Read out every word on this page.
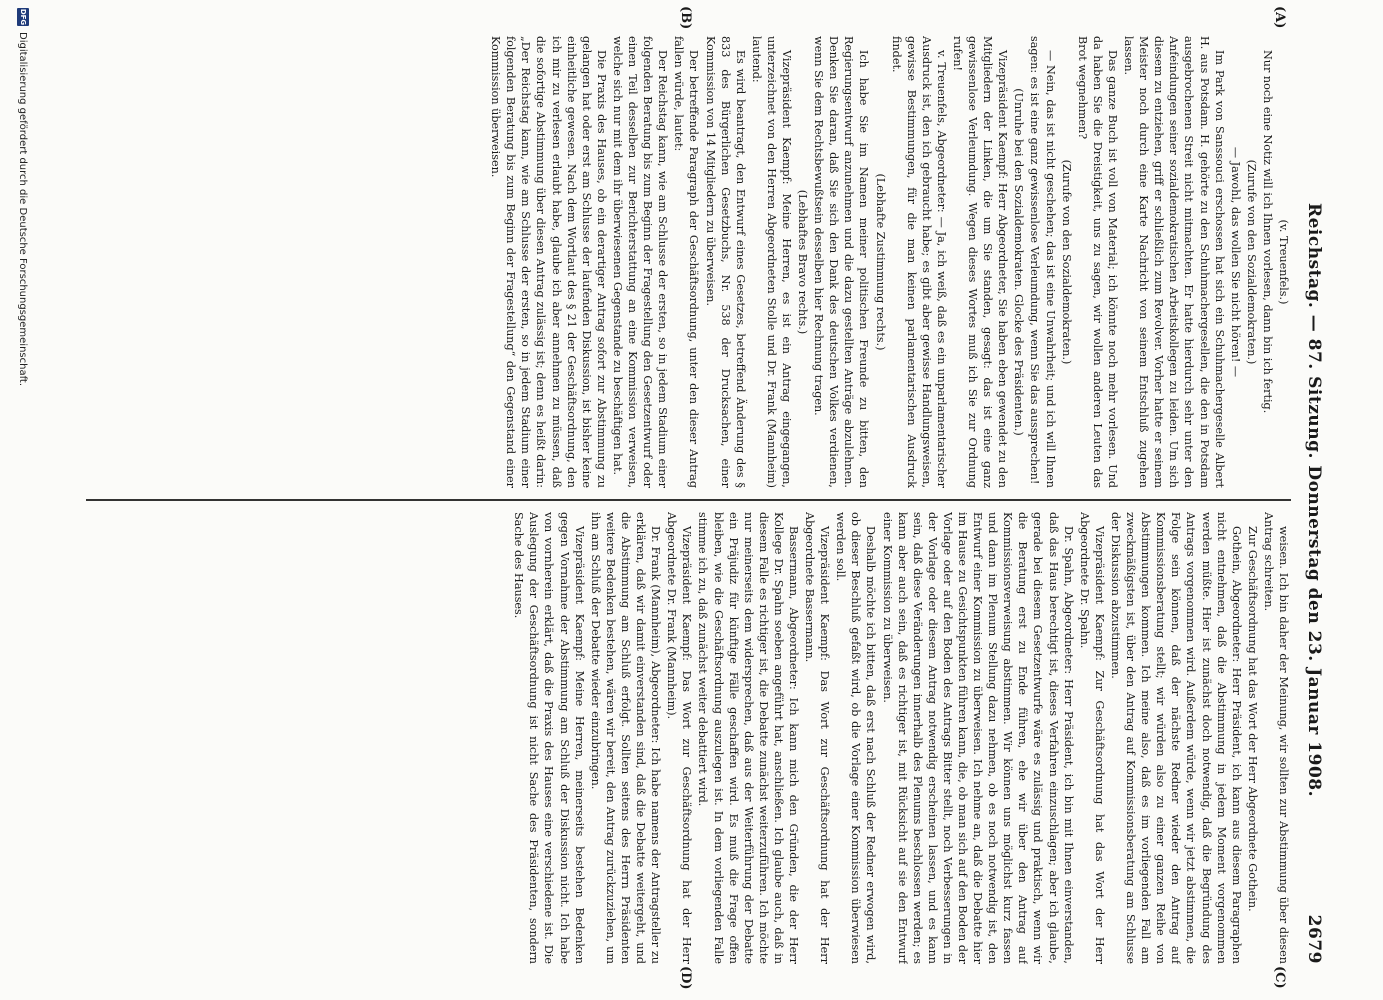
Reichstag. — 87. Sitzung. Donnerstag den 23. Januar 1908.
2679
(A)
(B)
(C)
(D)

(v. Treuenfels.)

Nur noch eine Notiz will ich Ihnen vorlesen, dann bin ich fertig.

(Zurufe von den Sozialdemokraten.)

— Jawohl, das wollen Sie nicht hören! —

Im Park von Sanssouci erschossen hat sich ein Schuhmachergeselle Albert H. aus Potsdam. H. gehörte zu den Schuhmachergesellen, die den in Potsdam ausgebrochenen Streit nicht mitmachten. Er hatte hierdurch sehr unter den Anfeindungen seiner sozialdemokratischen Arbeitskollegen zu leiden. Um sich diesem zu entziehen, griff er schließlich zum Revolver. Vorher hatte er seinem Meister noch durch eine Karte Nachricht von seinem Entschluß zugehen lassen.

Das ganze Buch ist voll von Material; ich könnte noch mehr vorlesen. Und da haben Sie die Dreistigkeit, uns zu sagen, wir wollen anderen Leuten das Brot wegnehmen?

(Zurufe von den Sozialdemokraten.)

— Nein, das ist nicht geschehen; das ist eine Unwahrheit; und ich will Ihnen sagen: es ist eine ganz gewissenlose Verleumdung, wenn Sie das aussprechen!

(Unruhe bei den Sozialdemokraten. Glocke des Präsidenten.)

Vizepräsident Kaempf: Herr Abgeordneter, Sie haben eben gewendet zu den Mitgliedern der Linken, die um Sie standen, gesagt: das ist eine ganz gewissenlose Verleumdung. Wegen dieses Wortes muß ich Sie zur Ordnung rufen!

v. Treuenfels, Abgeordneter: — Ja, ich weiß, daß es ein unparlamentarischer Ausdruck ist, den ich gebraucht habe; es gibt aber gewisse Handlungsweisen, gewisse Bestimmungen, für die man keinen parlamentarischen Ausdruck findet.

(Lebhafte Zustimmung rechts.)

Ich habe Sie im Namen meiner politischen Freunde zu bitten, den Regierungsentwurf anzunehmen und die dazu gestellten Anträge abzulehnen. Denken Sie daran, daß Sie sich den Dank des deutschen Volkes verdienen, wenn Sie dem Rechtsbewußtsein desselben hier Rechnung tragen.

(Lebhaftes Bravo rechts.)

Vizepräsident Kaempf: Meine Herren, es ist ein Antrag eingegangen, unterzeichnet von den Herren Abgeordneten Stolle und Dr. Frank (Mannheim) lautend:

Es wird beantragt, den Entwurf eines Gesetzes, betreffend Änderung des § 833 des Bürgerlichen Gesetzbuchs, Nr. 538 der Drucksachen, einer Kommission von 14 Mitgliedern zu überweisen.

Der betreffende Paragraph der Geschäftsordnung, unter den dieser Antrag fallen würde, lautet:

Der Reichstag kann, wie am Schlusse der ersten, so in jedem Stadium einer folgenden Beratung bis zum Beginn der Fragestellung den Gesetzentwurf oder einen Teil desselben zur Berichterstattung an eine Kommission verweisen, welche sich nur mit dem ihr überwiesenen Gegenstande zu beschäftigen hat.

Die Praxis des Hauses, ob ein derartiger Antrag sofort zur Abstimmung zu gelangen hat oder erst am Schlusse der laufenden Diskussion, ist bisher keine einheitliche gewesen. Nach dem Wortlaut des § 21 der Geschäftsordnung, den ich mir zu verlesen erlaubt habe, glaube ich aber annehmen zu müssen, daß die sofortige Abstimmung über diesen Antrag zulässig ist; denn es heißt darin: „Der Reichstag kann, wie am Schlusse der ersten, so in jedem Stadium einer folgenden Beratung bis zum Beginn der Fragestellung“ den Gegenstand einer Kommission überweisen.

weisen. Ich bin daher der Meinung, wir sollten zur Abstimmung über diesen Antrag schreiten.

Zur Geschäftsordnung hat das Wort der Herr Abgeordnete Gothein.

Gothein, Abgeordneter: Herr Präsident, ich kann aus diesem Paragraphen nicht entnehmen, daß die Abstimmung in jedem Moment vorgenommen werden müßte. Hier ist zunächst doch notwendig, daß die Begründung des Antrags vorgenommen wird. Außerdem würde, wenn wir jetzt abstimmen, die Folge sein können, daß der nächste Redner wieder den Antrag auf Kommissionsberatung stellt; wir würden also zu einer ganzen Reihe von Abstimmungen kommen. Ich meine also, daß es im vorliegenden Fall am zweckmäßigsten ist, über den Antrag auf Kommissionsberatung am Schlusse der Diskussion abzustimmen.

Vizepräsident Kaempf: Zur Geschäftsordnung hat das Wort der Herr Abgeordnete Dr. Spahn.

Dr. Spahn, Abgeordneter: Herr Präsident, ich bin mit Ihnen einverstanden, daß das Haus berechtigt ist, dieses Verfahren einzuschlagen; aber ich glaube, gerade bei diesem Gesetzentwurfe wäre es zulässig und praktisch, wenn wir die Beratung erst zu Ende führen, ehe wir über den Antrag auf Kommissionsverweisung abstimmen. Wir können uns möglichst kurz fassen und dann im Plenum Stellung dazu nehmen, ob es noch notwendig ist, den Entwurf einer Kommission zu überweisen. Ich nehme an, daß die Debatte hier im Hause zu Gesichtspunkten führen kann, die, ob man sich auf den Boden der Vorlage oder auf den Boden des Antrags Bitter stellt, noch Verbesserungen in der Vorlage oder diesem Antrag notwendig erscheinen lassen, und es kann sein, daß diese Veränderungen innerhalb des Plenums beschlossen werden; es kann aber auch sein, daß es richtiger ist, mit Rücksicht auf sie den Entwurf einer Kommission zu überweisen.

Deshalb möchte ich bitten, daß erst nach Schluß der Redner erwogen wird, ob dieser Beschluß gefaßt wird, ob die Vorlage einer Kommission überwiesen werden soll.

Vizepräsident Kaempf: Das Wort zur Geschäftsordnung hat der Herr Abgeordnete Bassermann.

Bassermann, Abgeordneter: Ich kann mich den Gründen, die der Herr Kollege Dr. Spahn soeben angeführt hat, anschließen. Ich glaube auch, daß in diesem Falle es richtiger ist, die Debatte zunächst weiterzuführen. Ich möchte nur meinerseits dem widersprechen, daß aus der Weiterführung der Debatte ein Präjudiz für künftige Fälle geschaffen wird. Es muß die Frage offen bleiben, wie die Geschäftsordnung auszulegen ist. In dem vorliegenden Falle stimme ich zu, daß zunächst weiter debattiert wird.

Vizepräsident Kaempf: Das Wort zur Geschäftsordnung hat der Herr Abgeordnete Dr. Frank (Mannheim).

Dr. Frank (Mannheim), Abgeordneter: Ich habe namens der Antragsteller zu erklären, daß wir damit einverstanden sind, daß die Debatte weitergeht, und die Abstimmung am Schluß erfolgt. Sollten seitens des Herrn Präsidenten weitere Bedenken bestehen, wären wir bereit, den Antrag zurückzuziehen, um ihn am Schluß der Debatte wieder einzubringen.

Vizepräsident Kaempf: Meine Herren, meinerseits bestehen Bedenken gegen Vornahme der Abstimmung am Schluß der Diskussion nicht. Ich habe von vornherein erklärt, daß die Praxis des Hauses eine verschiedene ist. Die Auslegung der Geschäftsordnung ist nicht Sache des Präsidenten, sondern Sache des Hauses.

DFG
Digitalisierung gefördert durch die Deutsche Forschungsgemeinschaft.
